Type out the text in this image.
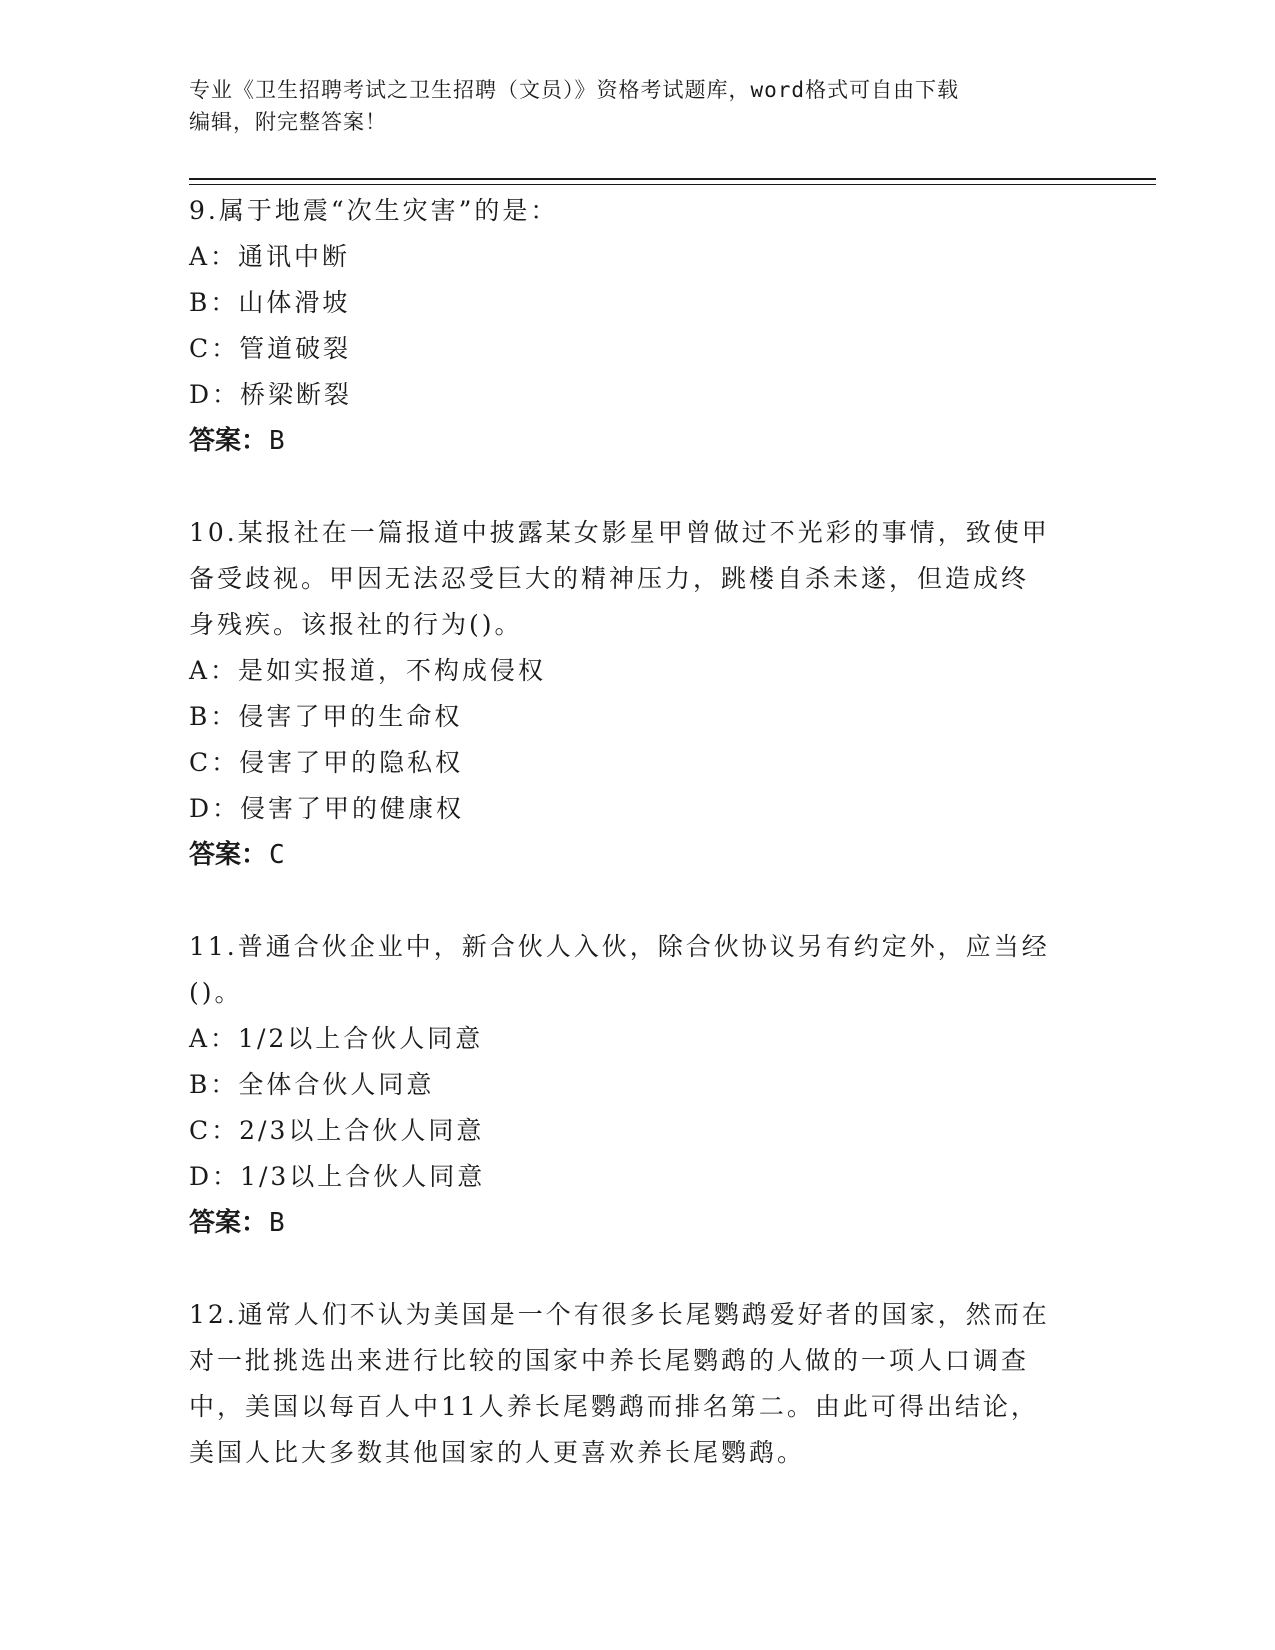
专业《卫生招聘考试之卫生招聘（文员）》资格考试题库，word格式可自由下载
编辑，附完整答案！

9.属于地震“次生灾害”的是：

A：通讯中断

B：山体滑坡

C：管道破裂

D：桥梁断裂

答案：B

10.某报社在一篇报道中披露某女影星甲曾做过不光彩的事情，致使甲

备受歧视。甲因无法忍受巨大的精神压力，跳楼自杀未遂，但造成终

身残疾。该报社的行为()。

A：是如实报道，不构成侵权

B：侵害了甲的生命权

C：侵害了甲的隐私权

D：侵害了甲的健康权

答案：C

11.普通合伙企业中，新合伙人入伙，除合伙协议另有约定外，应当经

()。

A：1/2以上合伙人同意

B：全体合伙人同意

C：2/3以上合伙人同意

D：1/3以上合伙人同意

答案：B

12.通常人们不认为美国是一个有很多长尾鹦鹉爱好者的国家，然而在

对一批挑选出来进行比较的国家中养长尾鹦鹉的人做的一项人口调查

中，美国以每百人中11人养长尾鹦鹉而排名第二。由此可得出结论，

美国人比大多数其他国家的人更喜欢养长尾鹦鹉。
